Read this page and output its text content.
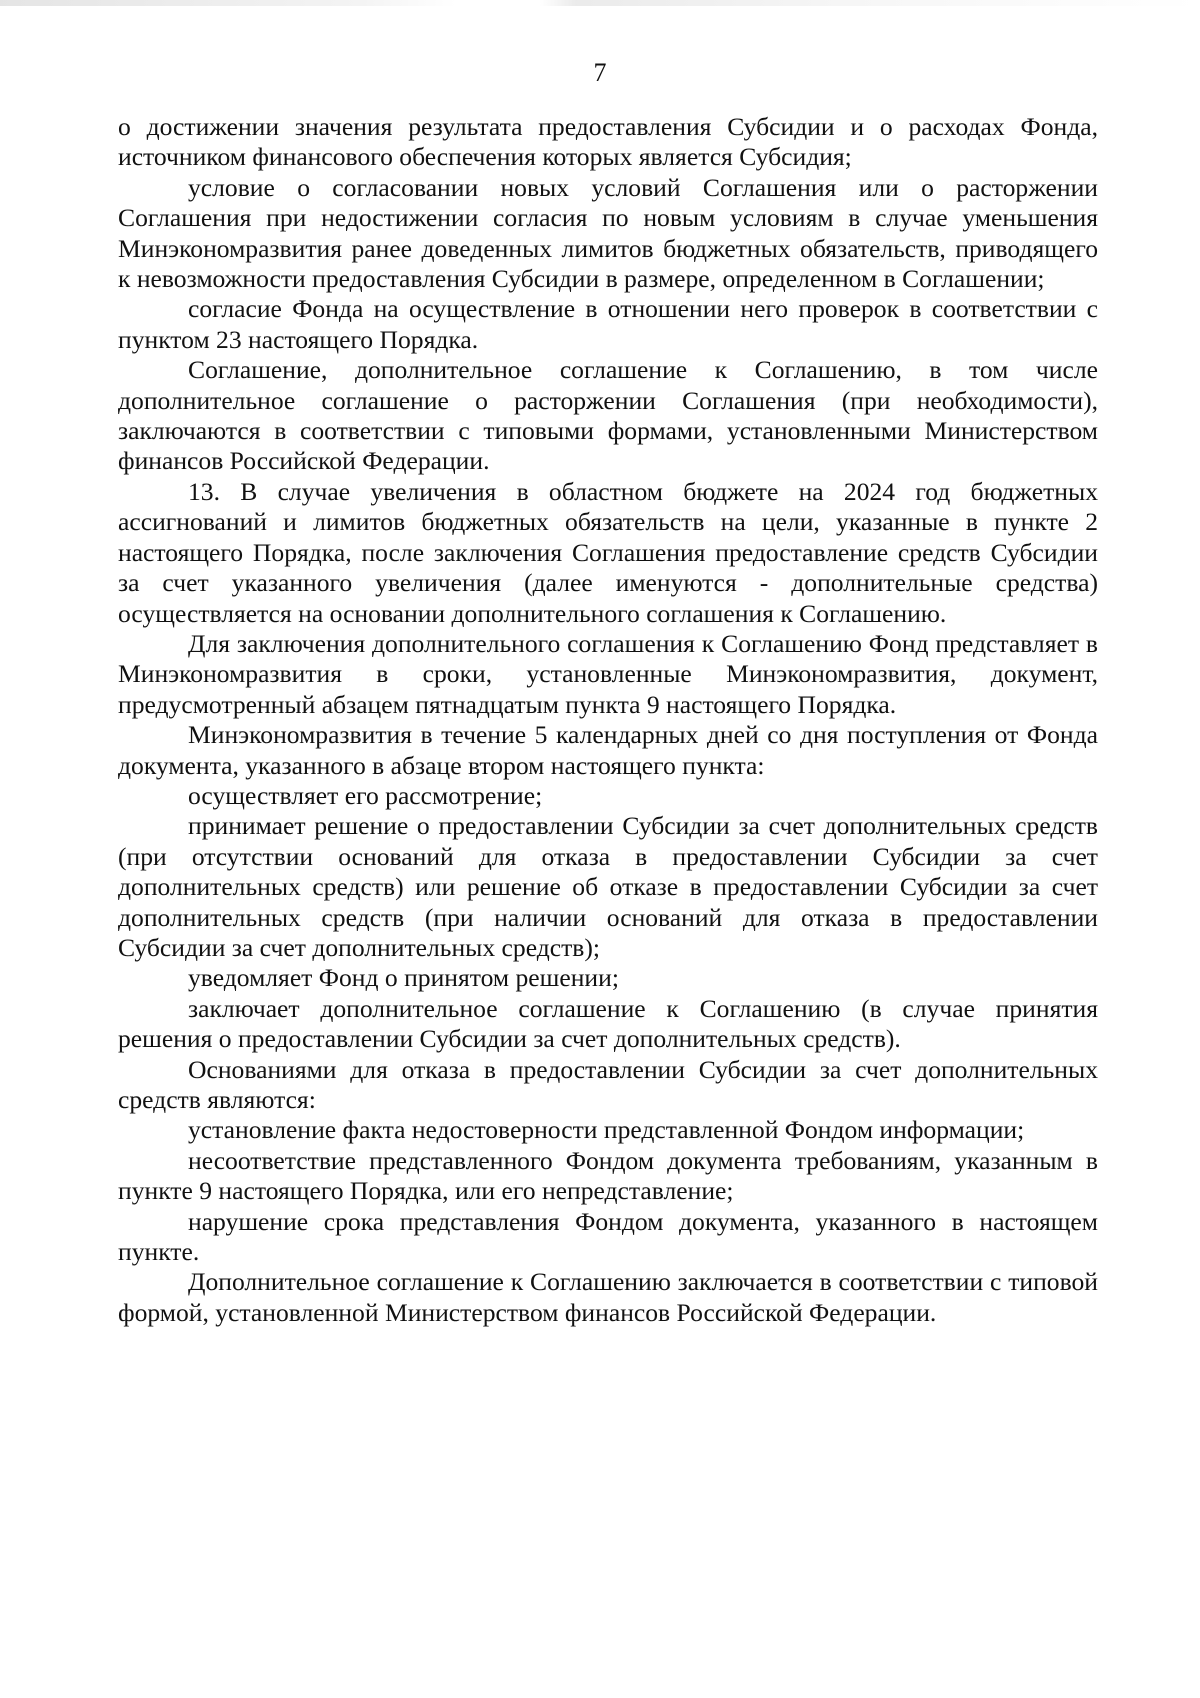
7

о достижении значения результата предоставления Субсидии и о расходах Фонда, источником финансового обеспечения которых является Субсидия;

условие о согласовании новых условий Соглашения или о расторжении Соглашения при недостижении согласия по новым условиям в случае уменьшения Минэкономразвития ранее доведенных лимитов бюджетных обязательств, приводящего к невозможности предоставления Субсидии в размере, определенном в Соглашении;

согласие Фонда на осуществление в отношении него проверок в соответствии с пунктом 23 настоящего Порядка.

Соглашение, дополнительное соглашение к Соглашению, в том числе дополнительное соглашение о расторжении Соглашения (при необходимости), заключаются в соответствии с типовыми формами, установленными Министерством финансов Российской Федерации.

13. В случае увеличения в областном бюджете на 2024 год бюджетных ассигнований и лимитов бюджетных обязательств на цели, указанные в пункте 2 настоящего Порядка, после заключения Соглашения предоставление средств Субсидии за счет указанного увеличения (далее именуются - дополнительные средства) осуществляется на основании дополнительного соглашения к Соглашению.

Для заключения дополнительного соглашения к Соглашению Фонд представляет в Минэкономразвития в сроки, установленные Минэкономразвития, документ, предусмотренный абзацем пятнадцатым пункта 9 настоящего Порядка.

Минэкономразвития в течение 5 календарных дней со дня поступления от Фонда документа, указанного в абзаце втором настоящего пункта:

осуществляет его рассмотрение;

принимает решение о предоставлении Субсидии за счет дополнительных средств (при отсутствии оснований для отказа в предоставлении Субсидии за счет дополнительных средств) или решение об отказе в предоставлении Субсидии за счет дополнительных средств (при наличии оснований для отказа в предоставлении Субсидии за счет дополнительных средств);

уведомляет Фонд о принятом решении;

заключает дополнительное соглашение к Соглашению (в случае принятия решения о предоставлении Субсидии за счет дополнительных средств).

Основаниями для отказа в предоставлении Субсидии за счет дополнительных средств являются:

установление факта недостоверности представленной Фондом информации;

несоответствие представленного Фондом документа требованиям, указанным в пункте 9 настоящего Порядка, или его непредставление;

нарушение срока представления Фондом документа, указанного в настоящем пункте.

Дополнительное соглашение к Соглашению заключается в соответствии с типовой формой, установленной Министерством финансов Российской Федерации.
